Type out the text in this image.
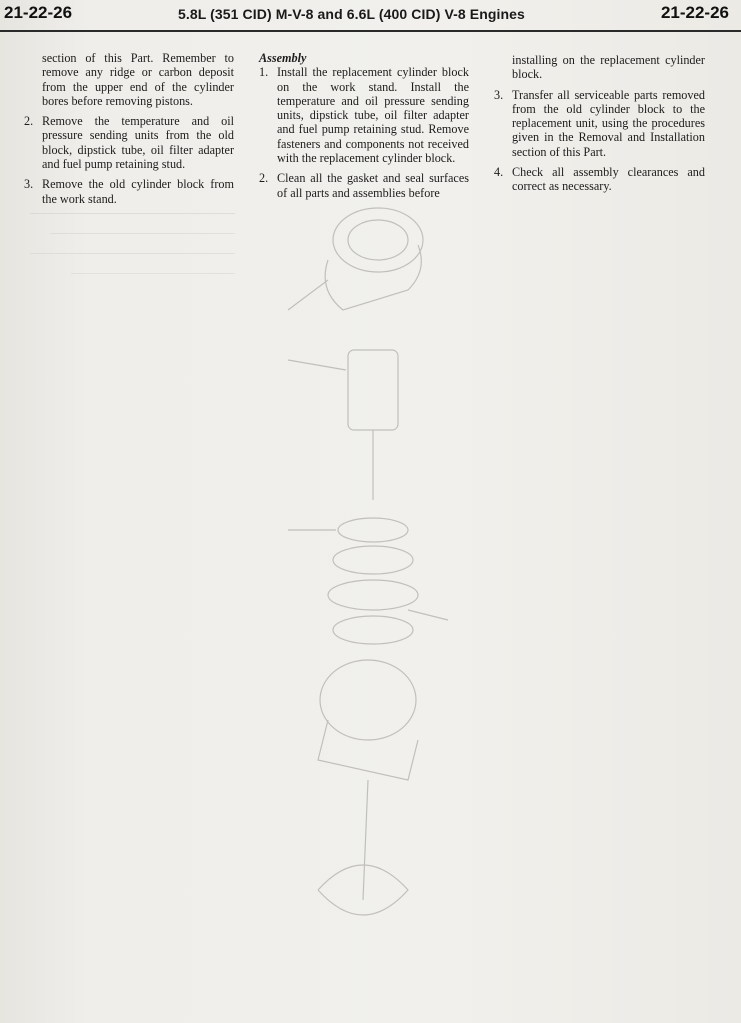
21-22-26	5.8L (351 CID) M-V-8 and 6.6L (400 CID) V-8 Engines	21-22-26

section of this Part. Remember to remove any ridge or carbon deposit from the upper end of the cylinder bores before removing pistons.

2. Remove the temperature and oil pressure sending units from the old block, dipstick tube, oil filter adapter and fuel pump retaining stud.
3. Remove the old cylinder block from the work stand.

Assembly

1. Install the replacement cylinder block on the work stand. Install the temperature and oil pressure sending units, dipstick tube, oil filter adapter and fuel pump retaining stud. Remove fasteners and components not received with the replacement cylinder block.
2. Clean all the gasket and seal surfaces of all parts and assemblies before

installing on the replacement cylinder block.

3. Transfer all serviceable parts removed from the old cylinder block to the replacement unit, using the procedures given in the Removal and Installation section of this Part.
4. Check all assembly clearances and correct as necessary.
